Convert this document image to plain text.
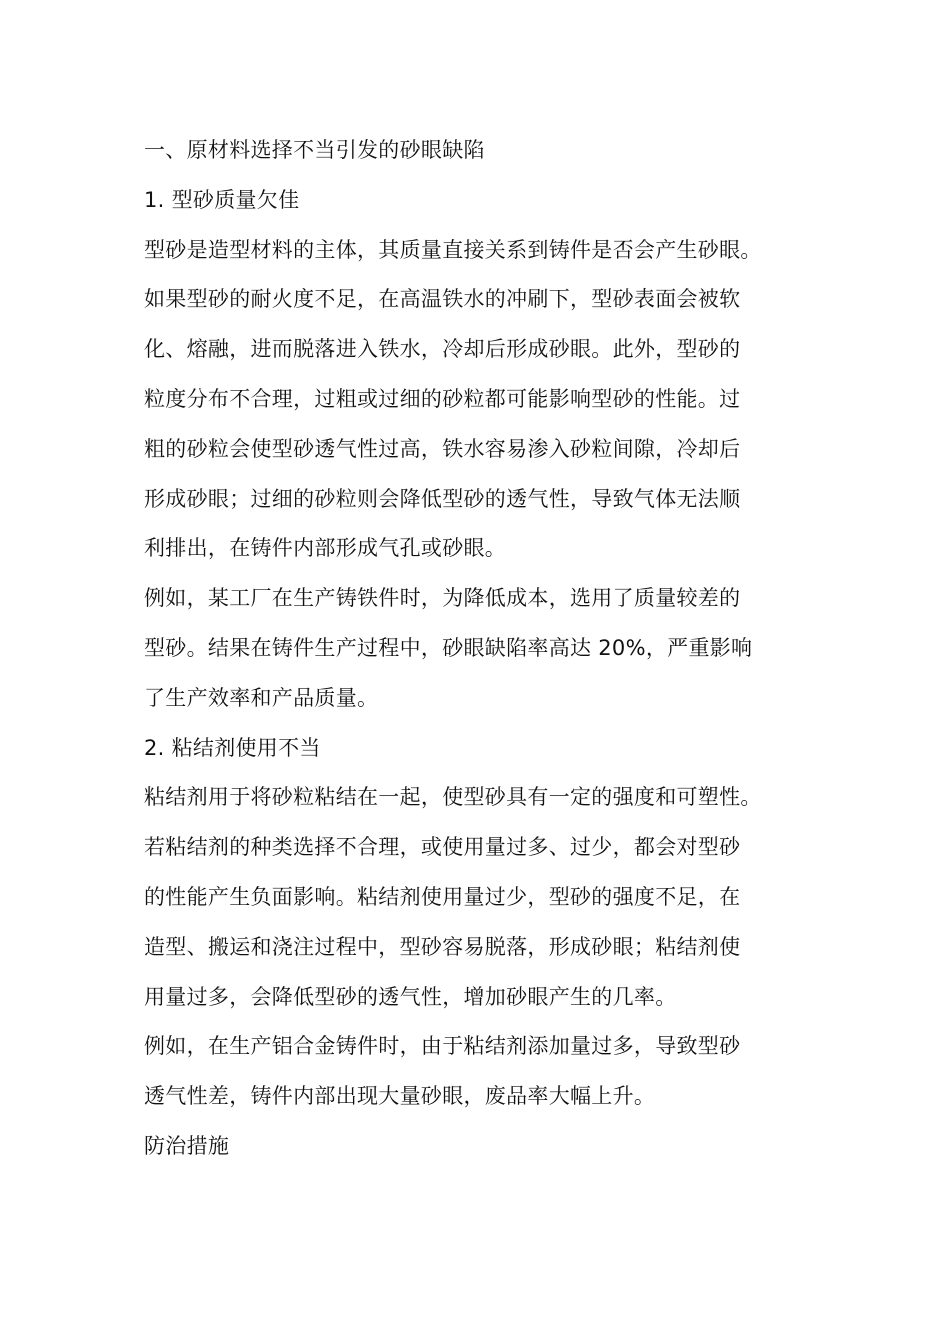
一、原材料选择不当引发的砂眼缺陷

1. 型砂质量欠佳

型砂是造型材料的主体，其质量直接关系到铸件是否会产生砂眼。

如果型砂的耐火度不足，在高温铁水的冲刷下，型砂表面会被软

化、熔融，进而脱落进入铁水，冷却后形成砂眼。此外，型砂的

粒度分布不合理，过粗或过细的砂粒都可能影响型砂的性能。过

粗的砂粒会使型砂透气性过高，铁水容易渗入砂粒间隙，冷却后

形成砂眼；过细的砂粒则会降低型砂的透气性，导致气体无法顺

利排出，在铸件内部形成气孔或砂眼。

例如，某工厂在生产铸铁件时，为降低成本，选用了质量较差的

型砂。结果在铸件生产过程中，砂眼缺陷率高达 20%，严重影响

了生产效率和产品质量。

2. 粘结剂使用不当

粘结剂用于将砂粒粘结在一起，使型砂具有一定的强度和可塑性。

若粘结剂的种类选择不合理，或使用量过多、过少，都会对型砂

的性能产生负面影响。粘结剂使用量过少，型砂的强度不足，在

造型、搬运和浇注过程中，型砂容易脱落，形成砂眼；粘结剂使

用量过多，会降低型砂的透气性，增加砂眼产生的几率。

例如，在生产铝合金铸件时，由于粘结剂添加量过多，导致型砂

透气性差，铸件内部出现大量砂眼，废品率大幅上升。

防治措施
